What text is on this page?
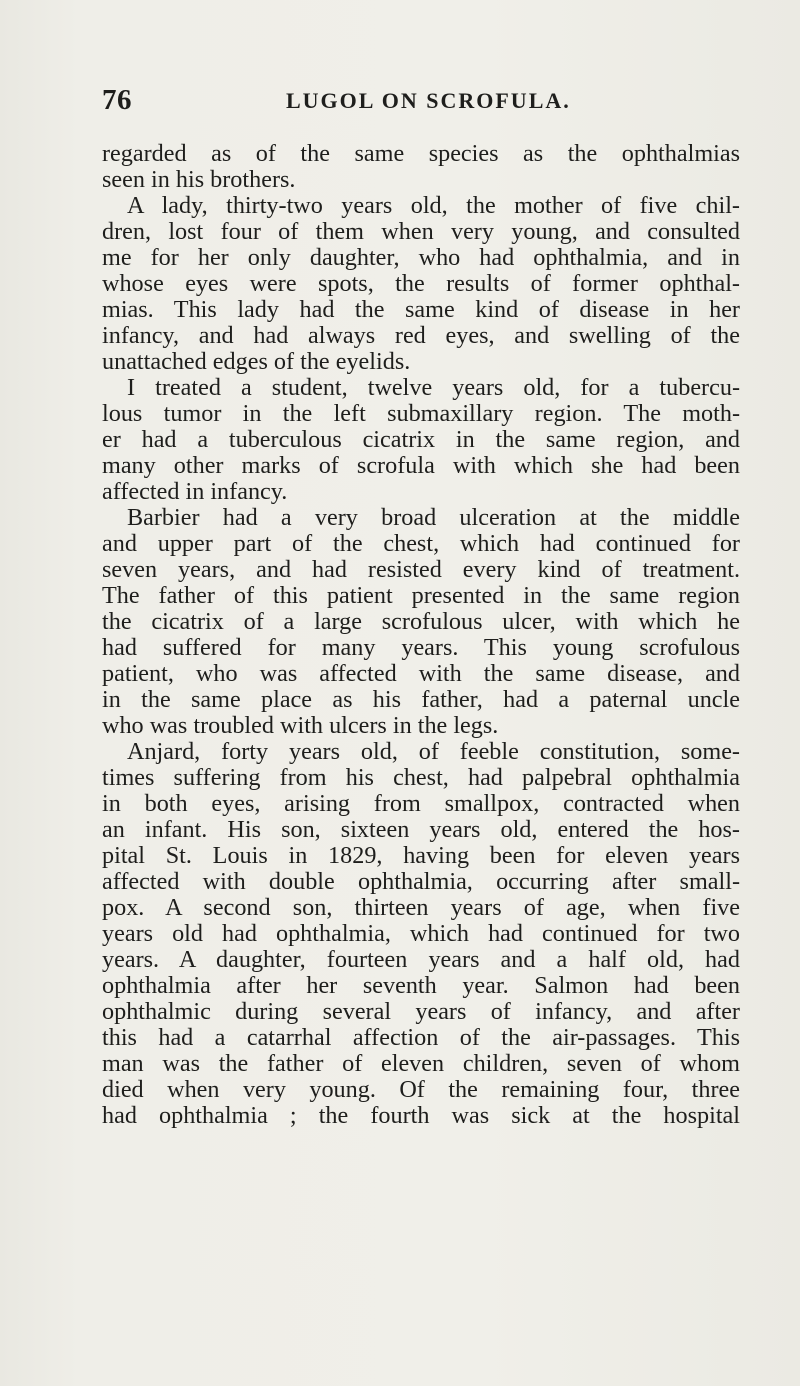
76	LUGOL ON SCROFULA.
regarded as of the same species as the ophthalmias
seen in his brothers.
A lady, thirty-two years old, the mother of five chil-
dren, lost four of them when very young, and consulted
me for her only daughter, who had ophthalmia, and in
whose eyes were spots, the results of former ophthal-
mias. This lady had the same kind of disease in her
infancy, and had always red eyes, and swelling of the
unattached edges of the eyelids.
I treated a student, twelve years old, for a tubercu-
lous tumor in the left submaxillary region. The moth-
er had a tuberculous cicatrix in the same region, and
many other marks of scrofula with which she had been
affected in infancy.
Barbier had a very broad ulceration at the middle
and upper part of the chest, which had continued for
seven years, and had resisted every kind of treatment.
The father of this patient presented in the same region
the cicatrix of a large scrofulous ulcer, with which he
had suffered for many years. This young scrofulous
patient, who was affected with the same disease, and
in the same place as his father, had a paternal uncle
who was troubled with ulcers in the legs.
Anjard, forty years old, of feeble constitution, some-
times suffering from his chest, had palpebral ophthalmia
in both eyes, arising from smallpox, contracted when
an infant. His son, sixteen years old, entered the hos-
pital St. Louis in 1829, having been for eleven years
affected with double ophthalmia, occurring after small-
pox. A second son, thirteen years of age, when five
years old had ophthalmia, which had continued for two
years. A daughter, fourteen years and a half old, had
ophthalmia after her seventh year. Salmon had been
ophthalmic during several years of infancy, and after
this had a catarrhal affection of the air-passages. This
man was the father of eleven children, seven of whom
died when very young. Of the remaining four, three
had ophthalmia ; the fourth was sick at the hospital
